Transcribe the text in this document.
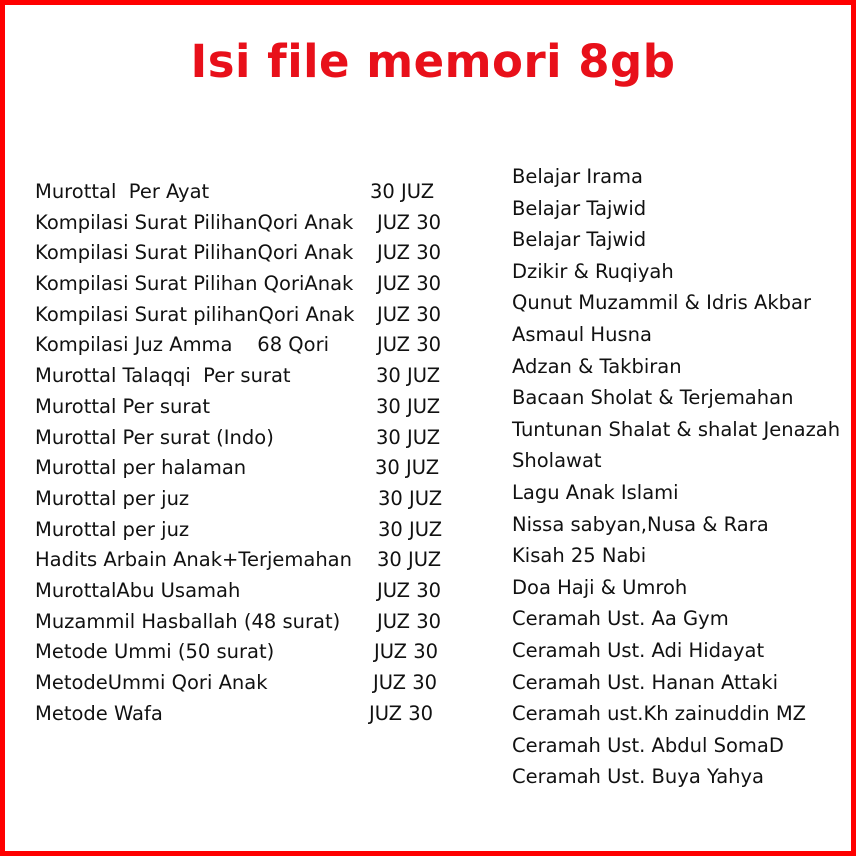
Isi file memori 8gb
Murottal  Per Ayat	30 JUZ
Kompilasi Surat PilihanQori Anak JUZ 30
Kompilasi Surat PilihanQori Anak JUZ 30
Kompilasi Surat Pilihan QoriAnak JUZ 30
Kompilasi Surat pilihanQori Anak JUZ 30
Kompilasi Juz Amma    68 Qori JUZ 30
Murottal Talaqqi  Per surat	30 JUZ
Murottal Per surat	30 JUZ
Murottal Per surat (Indo)	30 JUZ
Murottal per halaman	30 JUZ
Murottal per juz	30 JUZ
Murottal per juz	30 JUZ
Hadits Arbain Anak+Terjemahan 30 JUZ
MurottalAbu Usamah	JUZ 30
Muzammil Hasballah (48 surat) JUZ 30
Metode Ummi (50 surat)	JUZ 30
MetodeUmmi Qori Anak	JUZ 30
Metode Wafa	JUZ 30
Belajar Irama
Belajar Tajwid
Belajar Tajwid
Dzikir & Ruqiyah
Qunut Muzammil & Idris Akbar
Asmaul Husna
Adzan & Takbiran
Bacaan Sholat & Terjemahan
Tuntunan Shalat & shalat Jenazah
Sholawat
Lagu Anak Islami
Nissa sabyan,Nusa & Rara
Kisah 25 Nabi
Doa Haji & Umroh
Ceramah Ust. Aa Gym
Ceramah Ust. Adi Hidayat
Ceramah Ust. Hanan Attaki
Ceramah ust.Kh zainuddin MZ
Ceramah Ust. Abdul SomaD
Ceramah Ust. Buya Yahya
